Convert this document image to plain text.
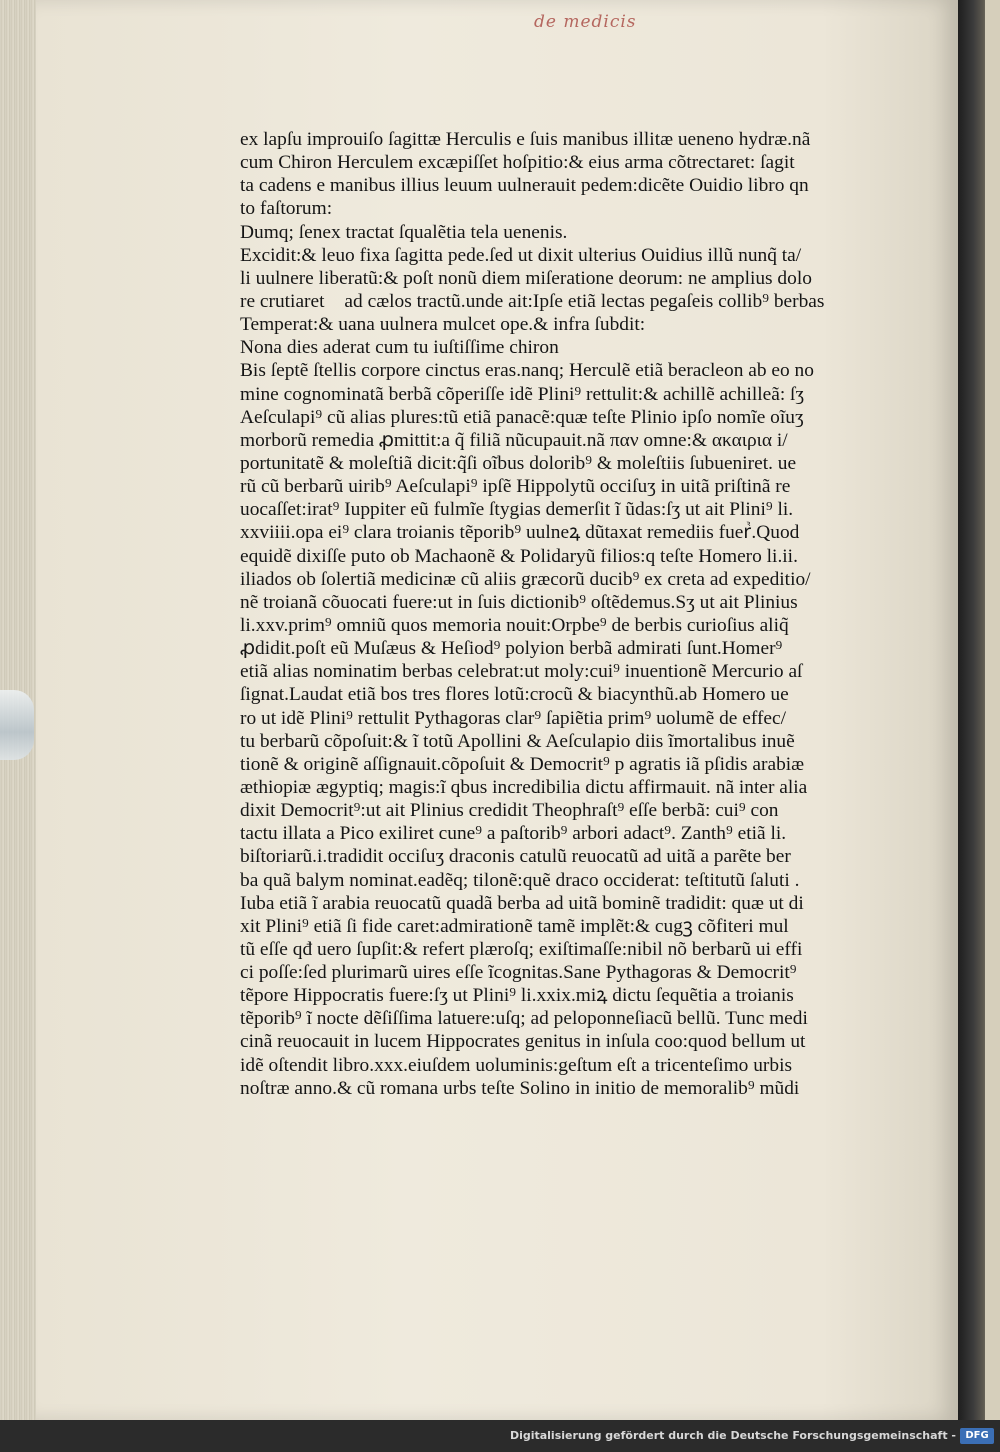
de medicis
ex lapſu improuiſo ſagittæ Herculis e ſuis manibus illitæ ueneno hydræ.nã
cum Chiron Herculem excæpiſſet hoſpitio:& eius arma cõtrectaret: ſagit
ta cadens e manibus illius leuum uulnerauit pedem:dicẽte Ouidio libro qn
to faſtorum:
Dumq; ſenex tractat ſqualẽtia tela uenenis.
Excidit:& leuo fixa ſagitta pede.ſed ut dixit ulterius Ouidius illũ nunq̃ ta/
li uulnere liberatũ:& poſt nonũ diem miſeratione deorum: ne amplius dolo
re crutiaretᷣ ad cælos tractũ.unde ait:Ipſe etiã lectas pegaſeis collib⁹ berbas
Temperat:& uana uulnera mulcet ope.& infra ſubdit:
Nona dies aderat cum tu iuſtiſſime chiron
Bis ſeptẽ ſtellis corpore cinctus eras.nanq; Herculẽ etiã beracleon ab eo no
mine cognominatã berbã cõperiſſe idẽ Plini⁹ rettulit:& achillẽ achilleã: ſʒ
Aeſculapi⁹ cũ alias plures:tũ etiã panacẽ:quæ teſte Plinio ipſo nomĩe oĩuʒ
morborũ remedia ꝓmittit:a q̃ filiã nũcupauit.nã παν omne:& ακαιρια i/
portunitatẽ & moleſtiã dicit:q̃ſi oĩbus dolorib⁹ & moleſtiis ſubueniret. ue
rũ cũ berbarũ uirib⁹ Aeſculapi⁹ ipſẽ Hippolytũ occiſuʒ in uitã priſtinã re
uocaſſet:irat⁹ Iuppiter eũ fulmĩe ſtygias demerſit ĩ ũdas:ſʒ ut ait Plini⁹ li.
xxviiii.opa ei⁹ clara troianis tẽporib⁹ uulneꝝ dũtaxat remediis fuerᷣ.Quod
equidẽ dixiſſe puto ob Machaonẽ & Polidaryũ filios:q teſte Homero li.ii.
iliados ob ſolertiã medicinæ cũ aliis græcorũ ducib⁹ ex creta ad expeditio/
nẽ troianã cõuocati fuere:ut in ſuis dictionib⁹ oſtẽdemus.Sʒ ut ait Plinius
li.xxv.prim⁹ omniũ quos memoria nouit:Orpbe⁹ de berbis curioſius aliq̃
ꝓdidit.poſt eũ Muſæus & Heſiod⁹ polyion berbã admirati ſunt.Homer⁹
etiã alias nominatim berbas celebrat:ut moly:cui⁹ inuentionẽ Mercurio aſ
ſignat.Laudat etiã bos tres flores lotũ:crocũ & biacynthũ.ab Homero ue
ro ut idẽ Plini⁹ rettulit Pythagoras clar⁹ ſapiẽtia prim⁹ uolumẽ de effec/
tu berbarũ cõpoſuit:& ĩ totũ Apollini & Aeſculapio diis ĩmortalibus inuẽ
tionẽ & originẽ aſſignauit.cõpoſuit & Democrit⁹ p agratis iã pſidis arabiæ
æthiopiæ ægyptiq; magis:ĩ qbus incredibilia dictu affirmauit. nã inter alia
dixit Democrit⁹:ut ait Plinius credidit Theophraſt⁹ eſſe berbã: cui⁹ con
tactu illata a Pico exiliret cune⁹ a paſtorib⁹ arbori adact⁹. Zanth⁹ etiã li.
biſtoriarũ.i.tradidit occiſuʒ draconis catulũ reuocatũ ad uitã a parẽte ber
ba quã balym nominat.eadẽq; tilonẽ:quẽ draco occiderat: teſtitutũ ſaluti .
Iuba etiã ĩ arabia reuocatũ quadã berba ad uitã bominẽ tradidit: quæ ut di
xit Plini⁹ etiã ſi fide caret:admirationẽ tamẽ implẽt:& cugꝫ cõfiteri mul
tũ eſſe qđ uero ſupſit:& refert plæroſq; exiſtimaſſe:nibil nõ berbarũ ui effi
ci poſſe:ſed plurimarũ uires eſſe ĩcognitas.Sane Pythagoras & Democrit⁹
tẽpore Hippocratis fuere:ſʒ ut Plini⁹ li.xxix.miꝝ dictu ſequẽtia a troianis
tẽporib⁹ ĩ nocte dẽſiſſima latuere:uſq; ad peloponneſiacũ bellũ. Tunc medi
cinã reuocauit in lucem Hippocrates genitus in inſula coo:quod bellum ut
idẽ oſtendit libro.xxx.eiuſdem uoluminis:geſtum eſt a tricenteſimo urbis
noſtræ anno.& cũ romana urbs teſte Solino in initio de memoralib⁹ mũdi
Digitalisierung gefördert durch die Deutsche Forschungsgemeinschaft - DFG
